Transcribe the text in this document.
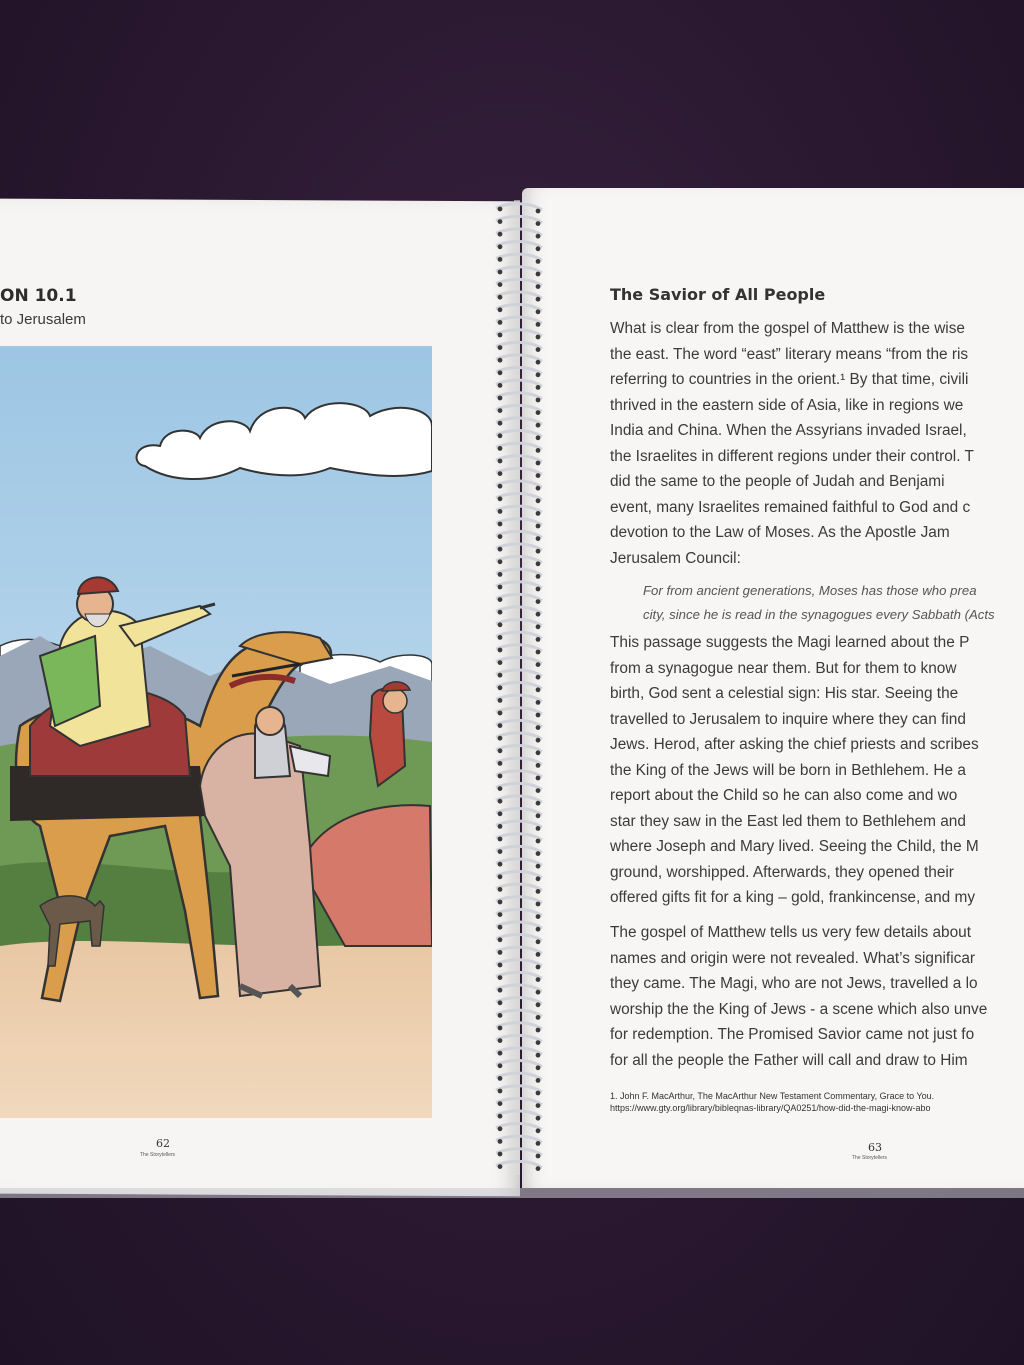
ON 10.1
to Jerusalem
62
The Storytellers
The Savior of All People
What is clear from the gospel of Matthew is the wise
the east. The word “east” literary means “from the ris
referring to countries in the orient.¹ By that time, civili
thrived in the eastern side of Asia, like in regions we
India and China. When the Assyrians invaded Israel,
the Israelites in different regions under their control. T
did the same to the people of Judah and Benjami
event, many Israelites remained faithful to God and c
devotion to the Law of Moses. As the Apostle Jam
Jerusalem Council:
For from ancient generations, Moses has those who prea
city, since he is read in the synagogues every Sabbath (Acts
This passage suggests the Magi learned about the P
from a synagogue near them. But for them to know
birth, God sent a celestial sign: His star. Seeing the
travelled to Jerusalem to inquire where they can find
Jews. Herod, after asking the chief priests and scribes
the King of the Jews will be born in Bethlehem. He a
report about the Child so he can also come and wo
star they saw in the East led them to Bethlehem and
where Joseph and Mary lived. Seeing the Child, the M
ground, worshipped. Afterwards, they opened their
offered gifts fit for a king – gold, frankincense, and my
The gospel of Matthew tells us very few details about
names and origin were not revealed. What’s significar
they came. The Magi, who are not Jews, travelled a lo
worship the the King of Jews - a scene which also unve
for redemption. The Promised Savior came not just fo
for all the people the Father will call and draw to Him
1. John F. MacArthur, The MacArthur New Testament Commentary, Grace to You.
https://www.gty.org/library/bibleqnas-library/QA0251/how-did-the-magi-know-abo
63
The Storytellers
